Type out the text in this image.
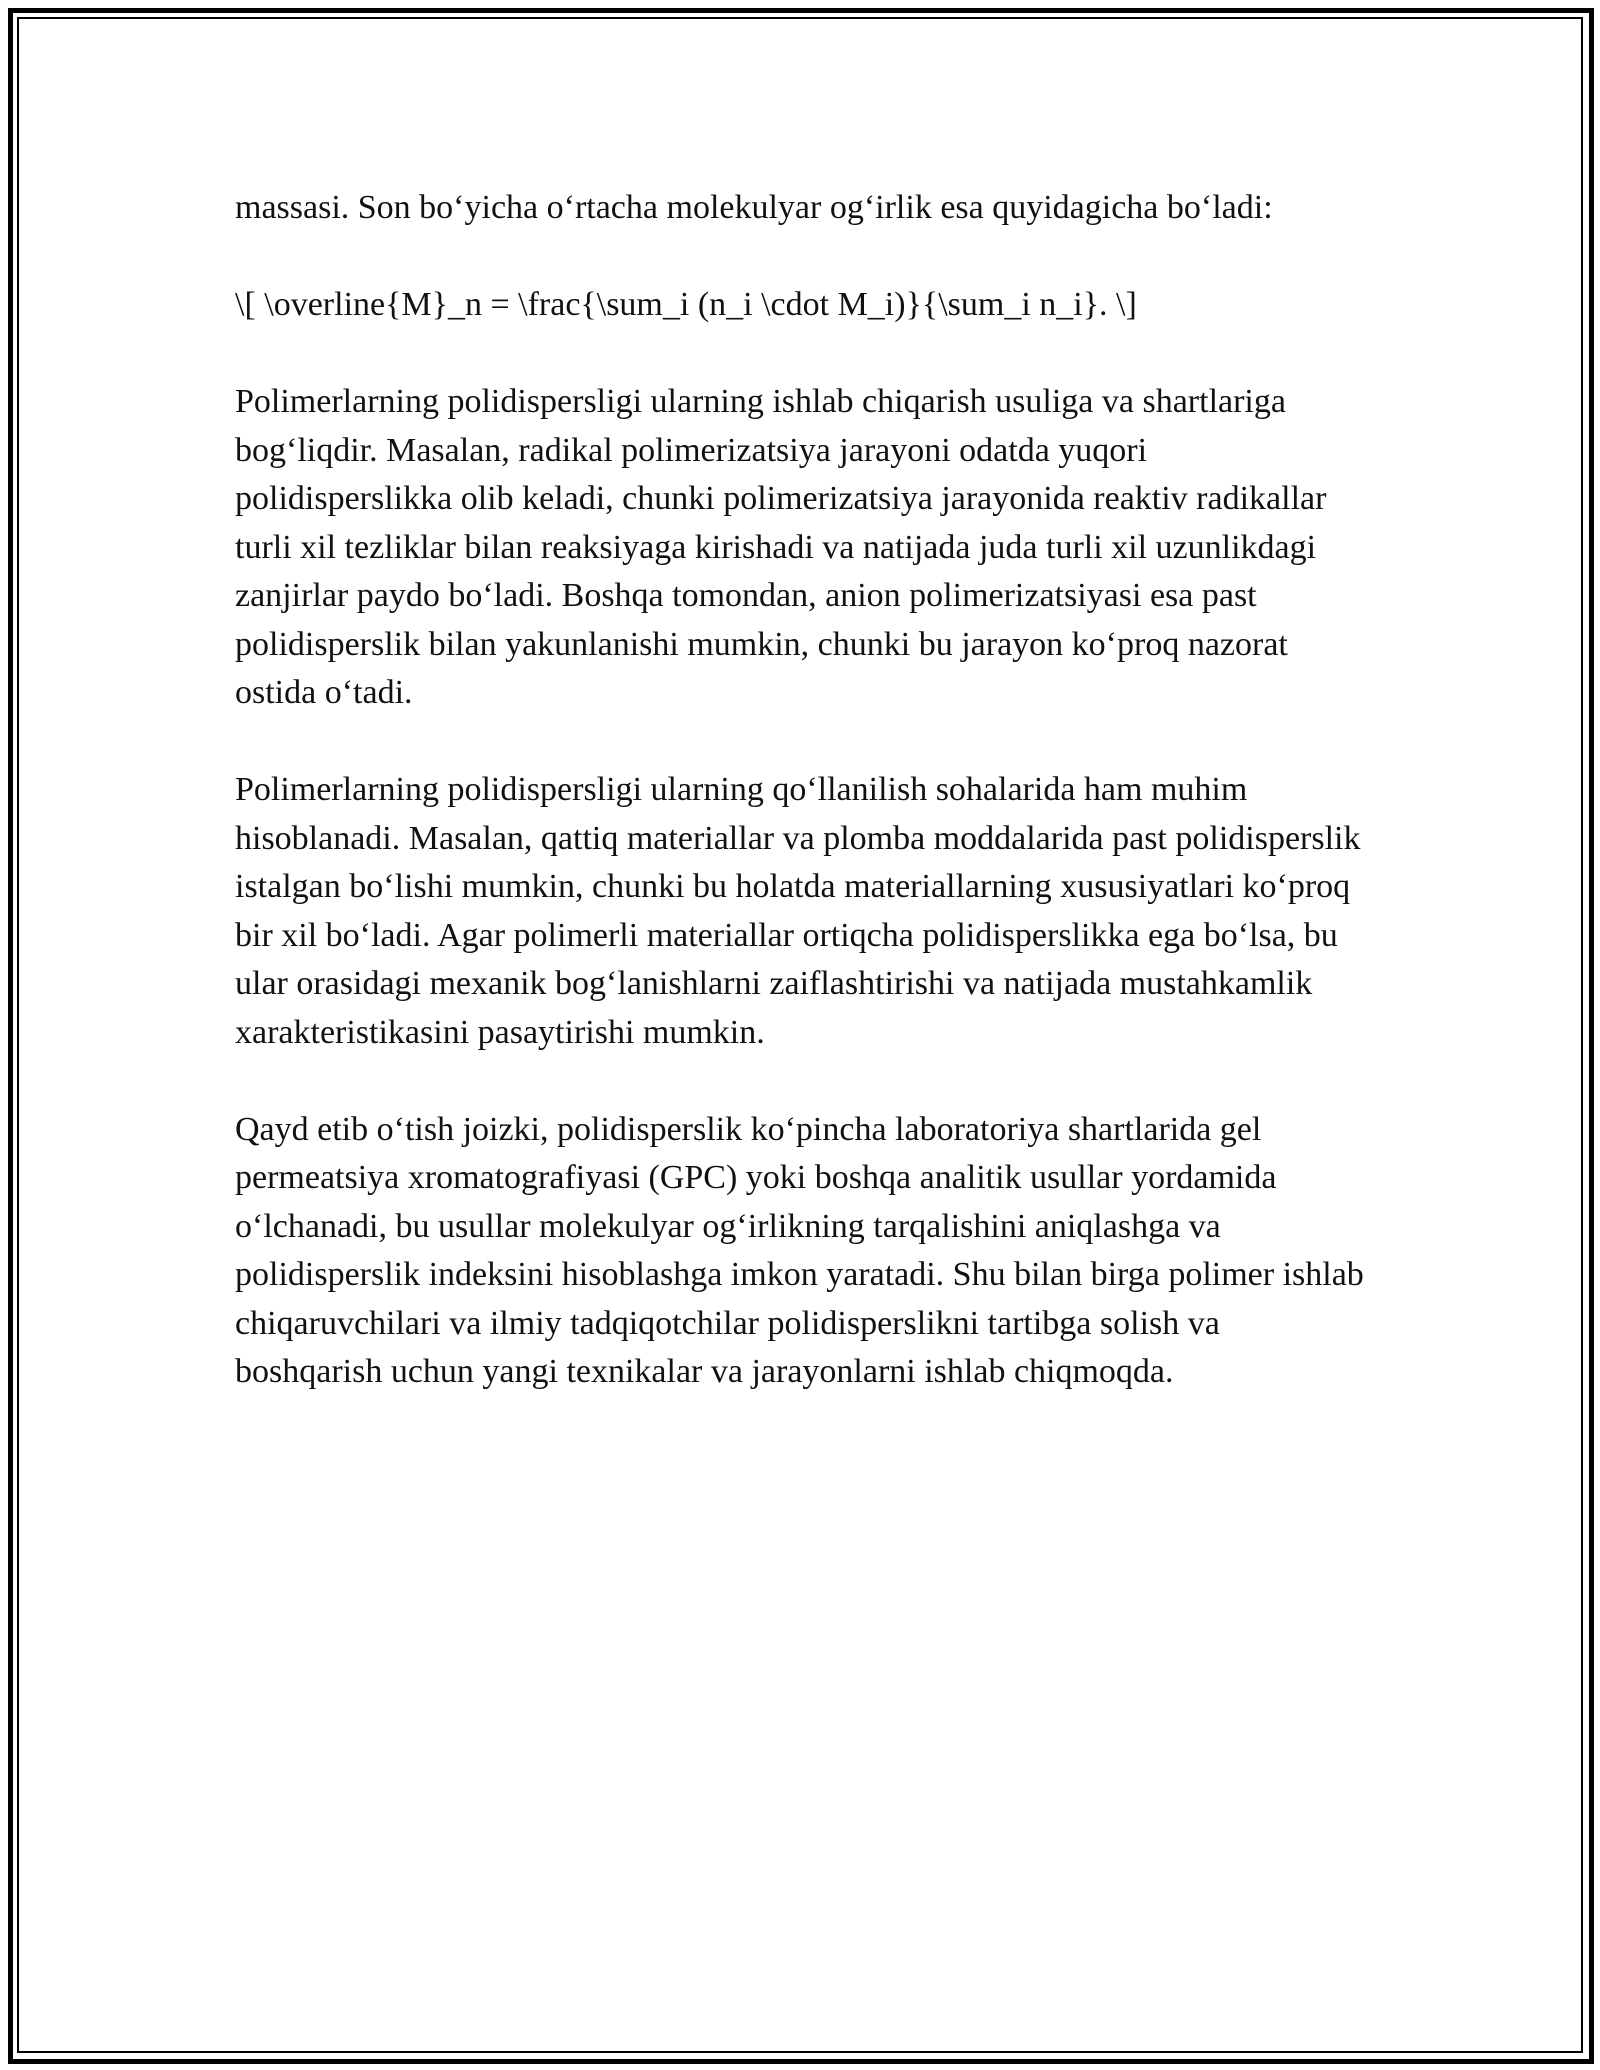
massasi. Son bo‘yicha o‘rtacha molekulyar og‘irlik esa quyidagicha bo‘ladi:

\[ \overline{M}_n = \frac{\sum_i (n_i \cdot M_i)}{\sum_i n_i}. \]

Polimerlarning polidispersligi ularning ishlab chiqarish usuliga va shartlariga bog‘liqdir. Masalan, radikal polimerizatsiya jarayoni odatda yuqori polidisperslikka olib keladi, chunki polimerizatsiya jarayonida reaktiv radikallar turli xil tezliklar bilan reaksiyaga kirishadi va natijada juda turli xil uzunlikdagi zanjirlar paydo bo‘ladi. Boshqa tomondan, anion polimerizatsiyasi esa past polidisperslik bilan yakunlanishi mumkin, chunki bu jarayon ko‘proq nazorat ostida o‘tadi.

Polimerlarning polidispersligi ularning qo‘llanilish sohalarida ham muhim hisoblanadi. Masalan, qattiq materiallar va plomba moddalarida past polidisperslik istalgan bo‘lishi mumkin, chunki bu holatda materiallarning xususiyatlari ko‘proq bir xil bo‘ladi. Agar polimerli materiallar ortiqcha polidisperslikka ega bo‘lsa, bu ular orasidagi mexanik bog‘lanishlarni zaiflashtirishi va natijada mustahkamlik xarakteristikasini pasaytirishi mumkin.

Qayd etib o‘tish joizki, polidisperslik ko‘pincha laboratoriya shartlarida gel permeatsiya xromatografiyasi (GPC) yoki boshqa analitik usullar yordamida o‘lchanadi, bu usullar molekulyar og‘irlikning tarqalishini aniqlashga va polidisperslik indeksini hisoblashga imkon yaratadi. Shu bilan birga polimer ishlab chiqaruvchilari va ilmiy tadqiqotchilar polidisperslikni tartibga solish va boshqarish uchun yangi texnikalar va jarayonlarni ishlab chiqmoqda.
